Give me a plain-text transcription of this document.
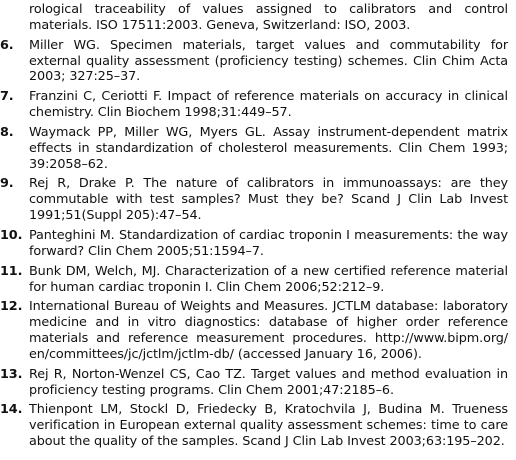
rological traceability of values assigned to calibrators and control materials. ISO 17511:2003. Geneva, Switzerland: ISO, 2003.
6.	Miller WG. Specimen materials, target values and commutability for external quality assessment (proficiency testing) schemes. Clin Chim Acta 2003; 327:25–37.
7.	Franzini C, Ceriotti F. Impact of reference materials on accuracy in clinical chemistry. Clin Biochem 1998;31:449–57.
8.	Waymack PP, Miller WG, Myers GL. Assay instrument-dependent matrix effects in standardization of cholesterol measurements. Clin Chem 1993; 39:2058–62.
9.	Rej R, Drake P. The nature of calibrators in immunoassays: are they commutable with test samples? Must they be? Scand J Clin Lab Invest 1991;51(Suppl 205):47–54.
10. Panteghini M. Standardization of cardiac troponin I measurements: the way forward? Clin Chem 2005;51:1594–7.
11. Bunk DM, Welch, MJ. Characterization of a new certified reference material for human cardiac troponin I. Clin Chem 2006;52:212–9.
12. International Bureau of Weights and Measures. JCTLM database: laboratory medicine and in vitro diagnostics: database of higher order reference materials and reference measurement procedures. http://www.bipm.org/ en/committees/jc/jctlm/jctlm-db/ (accessed January 16, 2006).
13. Rej R, Norton-Wenzel CS, Cao TZ. Target values and method evaluation in proficiency testing programs. Clin Chem 2001;47:2185–6.
14. Thienpont LM, Stockl D, Friedecky B, Kratochvila J, Budina M. Trueness verification in European external quality assessment schemes: time to care about the quality of the samples. Scand J Clin Lab Invest 2003;63:195–202.
